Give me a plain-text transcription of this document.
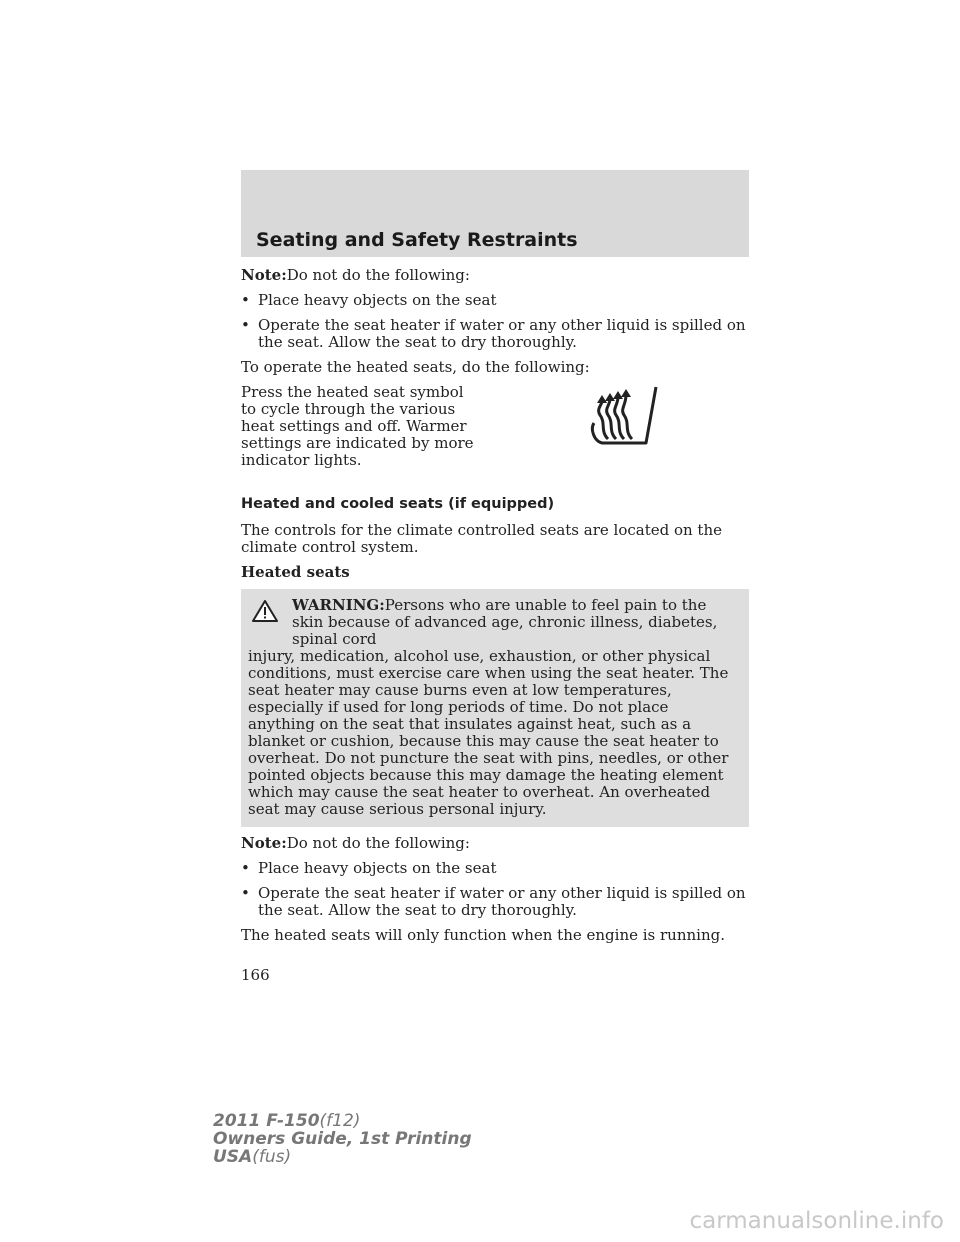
Seating and Safety Restraints

Note:Do not do the following:

• Place heavy objects on the seat
• Operate the seat heater if water or any other liquid is spilled on the seat. Allow the seat to dry thoroughly.

To operate the heated seats, do the following:

Press the heated seat symbol to cycle through the various heat settings and off. Warmer settings are indicated by more indicator lights.

Heated and cooled seats (if equipped)

The controls for the climate controlled seats are located on the climate control system.

Heated seats

WARNING:Persons who are unable to feel pain to the skin because of advanced age, chronic illness, diabetes, spinal cord
injury, medication, alcohol use, exhaustion, or other physical conditions, must exercise care when using the seat heater. The seat heater may cause burns even at low temperatures, especially if used for long periods of time. Do not place anything on the seat that insulates against heat, such as a blanket or cushion, because this may cause the seat heater to overheat. Do not puncture the seat with pins, needles, or other pointed objects because this may damage the heating element which may cause the seat heater to overheat. An overheated seat may cause serious personal injury.

Note:Do not do the following:

• Place heavy objects on the seat
• Operate the seat heater if water or any other liquid is spilled on the seat. Allow the seat to dry thoroughly.

The heated seats will only function when the engine is running.

166
2011 F-150(f12)
Owners Guide, 1st Printing
USA(fus)
carmanualsonline.info
